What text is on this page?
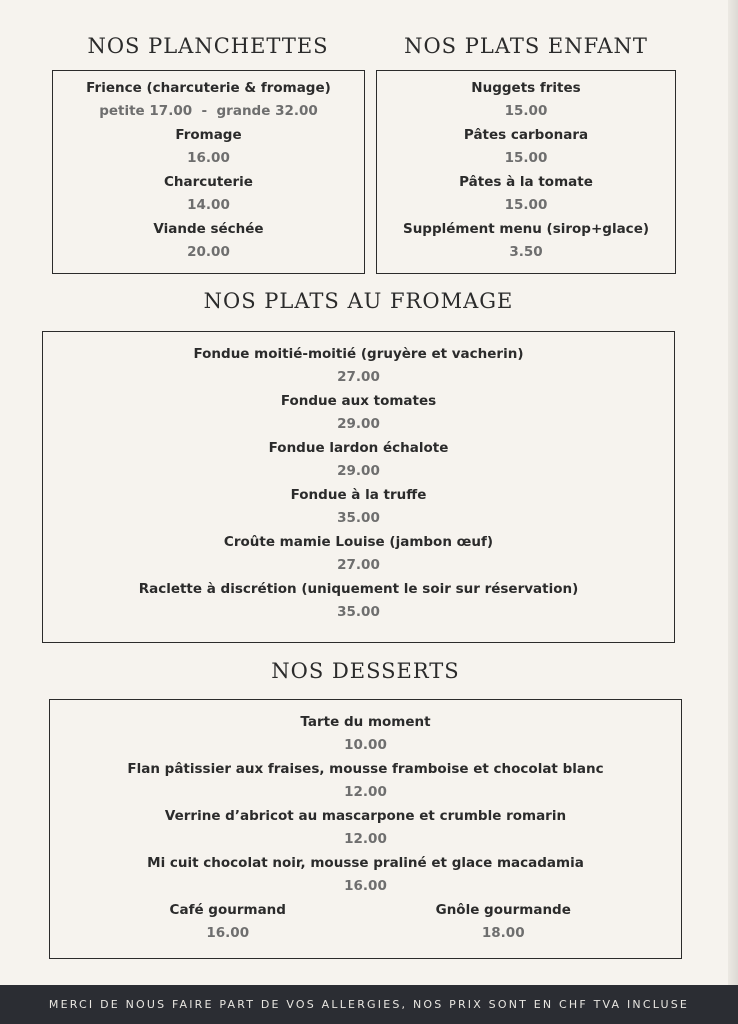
NOS PLANCHETTES
Frience (charcuterie & fromage)
petite 17.00  -  grande 32.00
Fromage
16.00
Charcuterie
14.00
Viande séchée
20.00
NOS PLATS ENFANT
Nuggets frites
15.00
Pâtes carbonara
15.00
Pâtes à la tomate
15.00
Supplément menu (sirop+glace)
3.50
NOS PLATS AU FROMAGE
Fondue moitié-moitié (gruyère et vacherin)
27.00
Fondue aux tomates
29.00
Fondue lardon échalote
29.00
Fondue à la truffe
35.00
Croûte mamie Louise (jambon œuf)
27.00
Raclette à discrétion (uniquement le soir sur réservation)
35.00
NOS DESSERTS
Tarte du moment
10.00
Flan pâtissier aux fraises, mousse framboise et chocolat blanc
12.00
Verrine d’abricot au mascarpone et crumble romarin
12.00
Mi cuit chocolat noir, mousse praliné et glace macadamia
16.00
Café gourmand
16.00
Gnôle gourmande
18.00
MERCI DE NOUS FAIRE PART DE VOS ALLERGIES, NOS PRIX SONT EN CHF TVA INCLUSE
